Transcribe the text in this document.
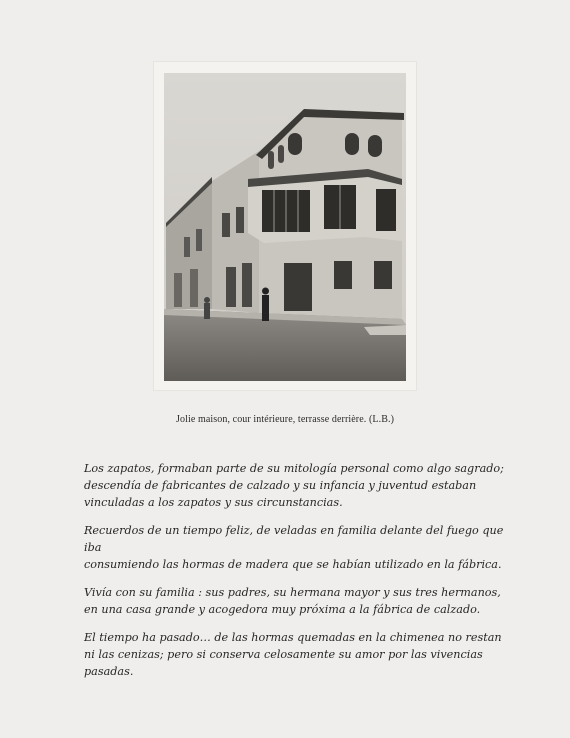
Jolie maison, cour intérieure, terrasse derrière. (L.B.)

Los zapatos, formaban parte de su mitología personal como algo sagrado;
descendía de fabricantes de calzado y su infancia y juventud estaban
vinculadas a los zapatos y sus circunstancias.

Recuerdos de un tiempo feliz, de veladas en familia delante del fuego que iba
consumiendo las hormas de madera que se habían utilizado en la fábrica.

Vivía con su familia : sus padres, su hermana mayor y sus tres hermanos,
en una casa grande y acogedora muy próxima a la fábrica de calzado.

El tiempo ha pasado… de las hormas quemadas en la chimenea no restan
ni las cenizas; pero si conserva celosamente su amor por las vivencias pasadas.
